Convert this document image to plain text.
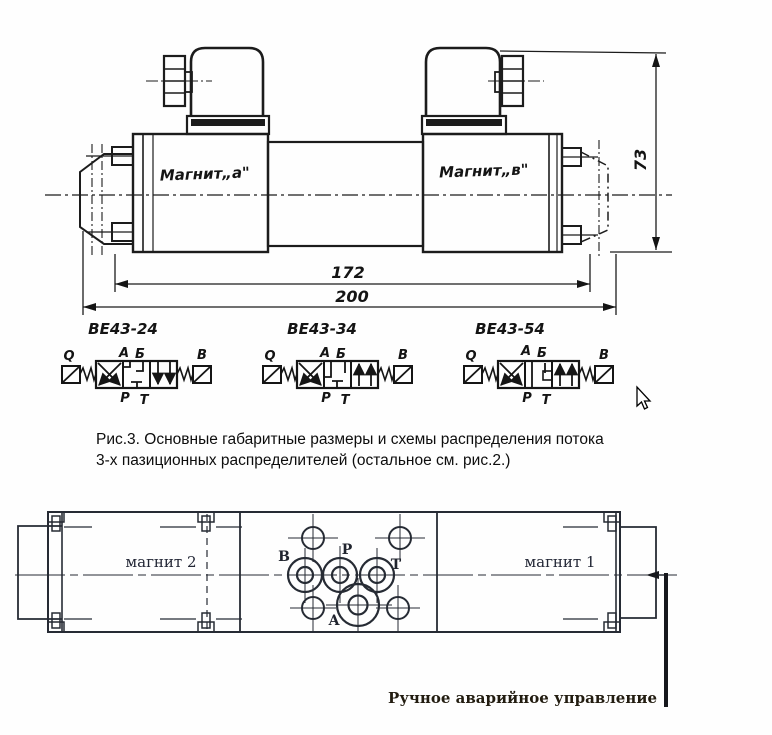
Магнит„а"	Магнит„в"	73
172
200
ВЕ43-24	ВЕ43-34	ВЕ43-54
Q	A Б	B
P T
Q	A Б	B
P T
Q	A Б	B
P T
Рис.3. Основные габаритные размеры и схемы распределения потока
3-х пазиционных распределителей (остальное см. рис.2.)
магнит 2	магнит 1
B	P
T
A
Ручное аварийное управление
